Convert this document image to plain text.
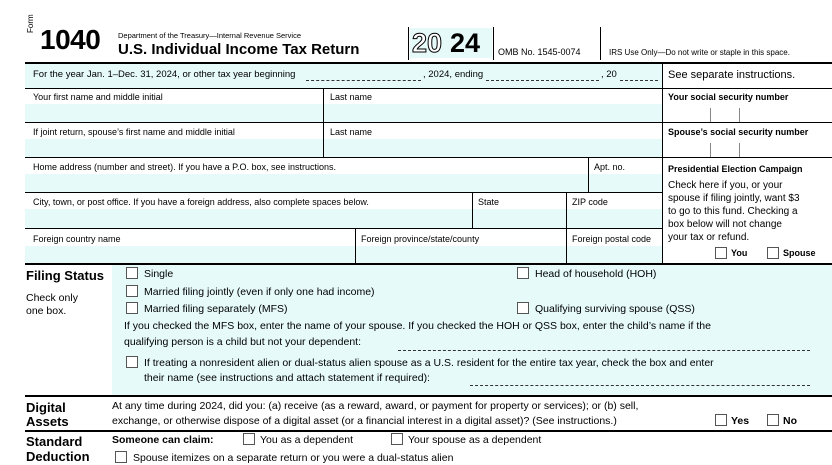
Form
1040 Department of the Treasury—Internal Revenue Service
U.S. Individual Income Tax Return 20 24 OMB No. 1545-0074	IRS Use Only—Do not write or staple in this space.
For the year Jan. 1–Dec. 31, 2024, or other tax year beginning	, 2024, ending	, 20	See separate instructions.
Your first name and middle initial	Last name	Your social security number
If joint return, spouse’s first name and middle initial	Last name	Spouse’s social security number
Home address (number and street). If you have a P.O. box, see instructions.	Apt. no.
City, town, or post office. If you have a foreign address, also complete spaces below.	State	ZIP code
Foreign country name	Foreign province/state/county	Foreign postal code
Presidential Election Campaign
Check here if you, or your
spouse if filing jointly, want $3
to go to this fund. Checking a
box below will not change
your tax or refund.
You	Spouse
Filing Status
Check only
one box.
Single	Head of household (HOH)
Married filing jointly (even if only one had income)
Married filing separately (MFS)	Qualifying surviving spouse (QSS)
If you checked the MFS box, enter the name of your spouse. If you checked the HOH or QSS box, enter the child’s name if the
qualifying person is a child but not your dependent:
If treating a nonresident alien or dual-status alien spouse as a U.S. resident for the entire tax year, check the box and enter
their name (see instructions and attach statement if required):
Digital
Assets
At any time during 2024, did you: (a) receive (as a reward, award, or payment for property or services); or (b) sell,
exchange, or otherwise dispose of a digital asset (or a financial interest in a digital asset)? (See instructions.)	Yes	No
Standard
Deduction
Someone can claim:	You as a dependent	Your spouse as a dependent
Spouse itemizes on a separate return or you were a dual-status alien
